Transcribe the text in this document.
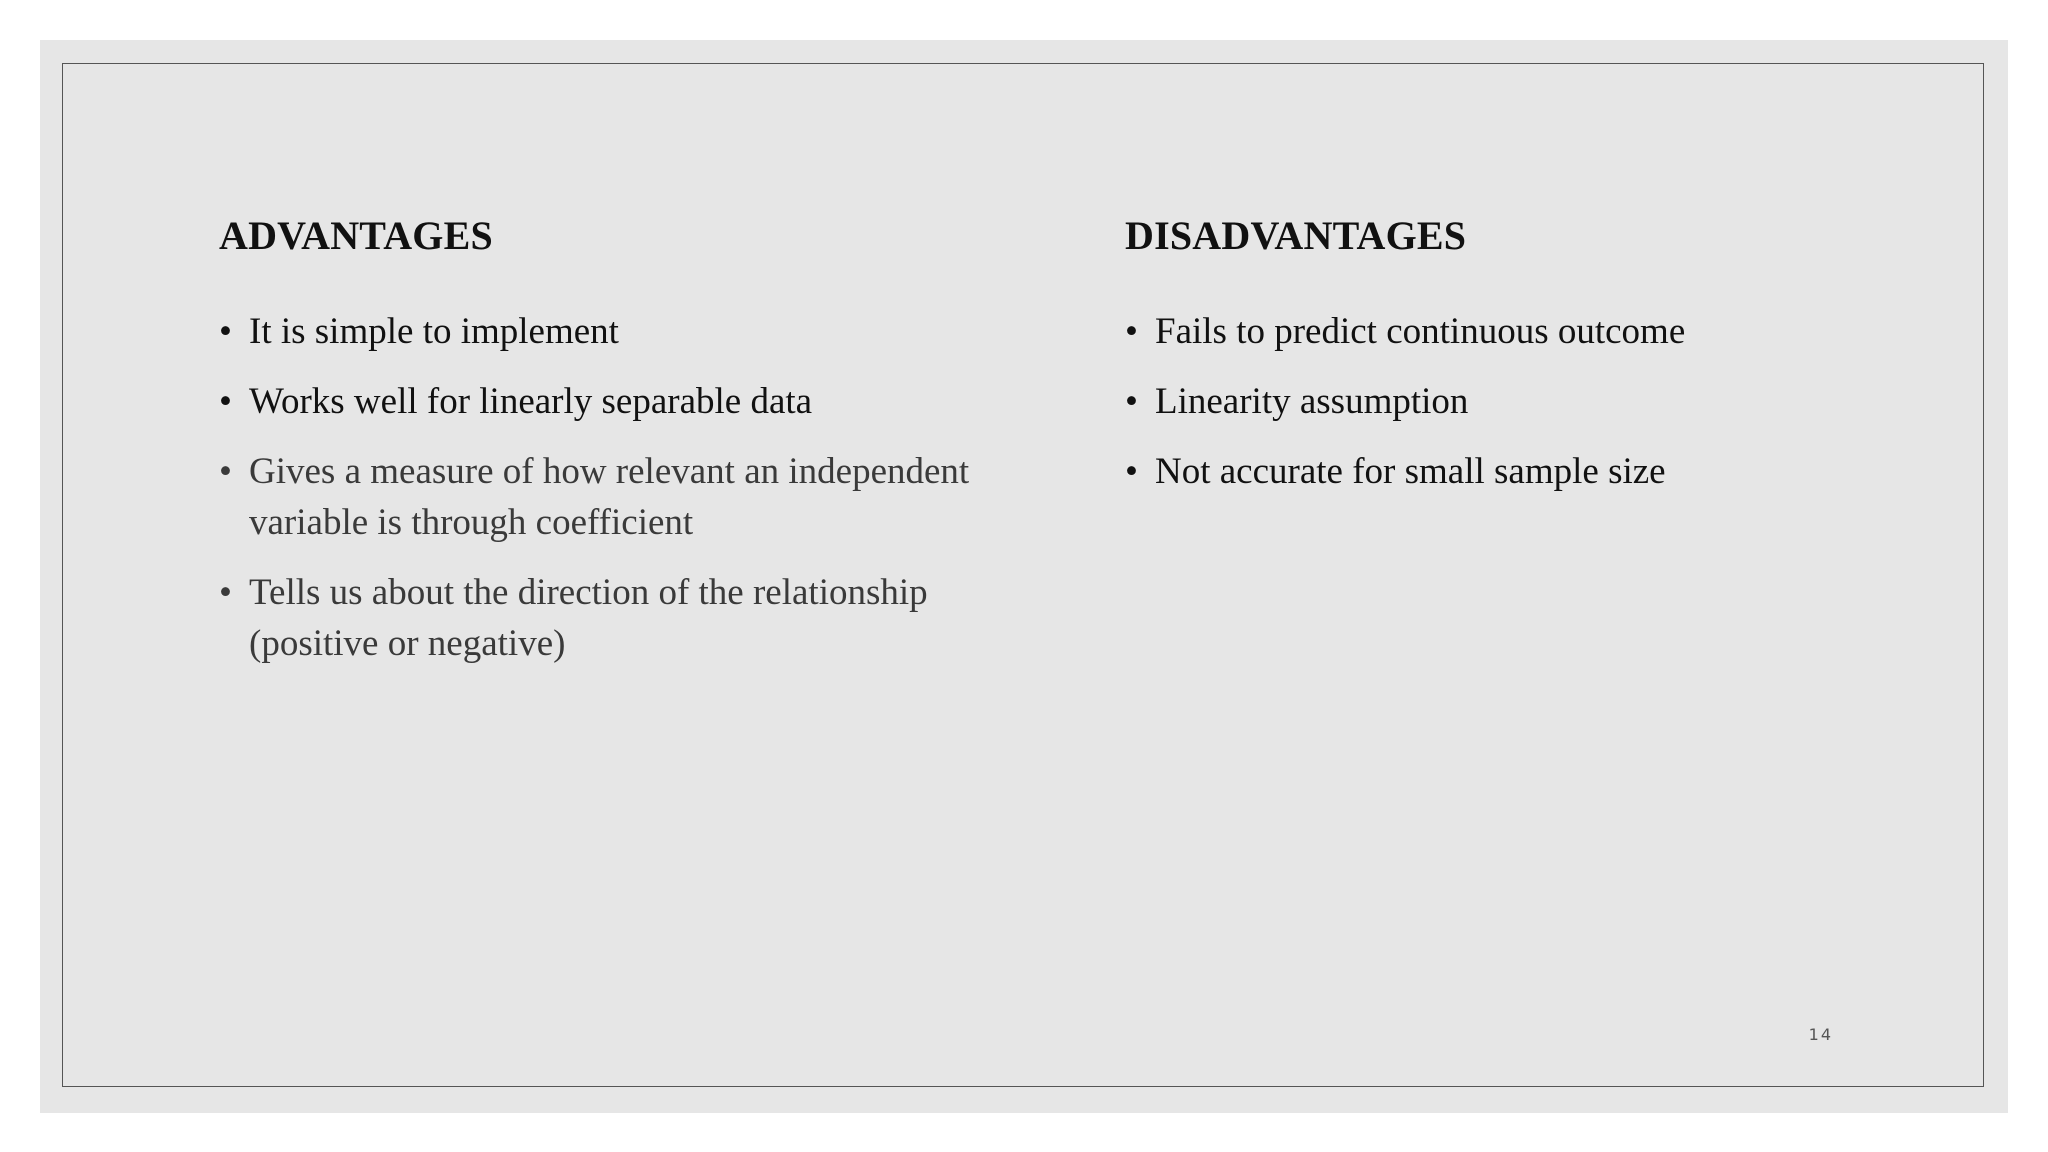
ADVANTAGES
• It is simple to implement
• Works well for linearly separable data
• Gives a measure of how relevant an independent variable is through coefficient
• Tells us about the direction of the relationship (positive or negative)
DISADVANTAGES
• Fails to predict continuous outcome
• Linearity assumption
• Not accurate for small sample size
14
